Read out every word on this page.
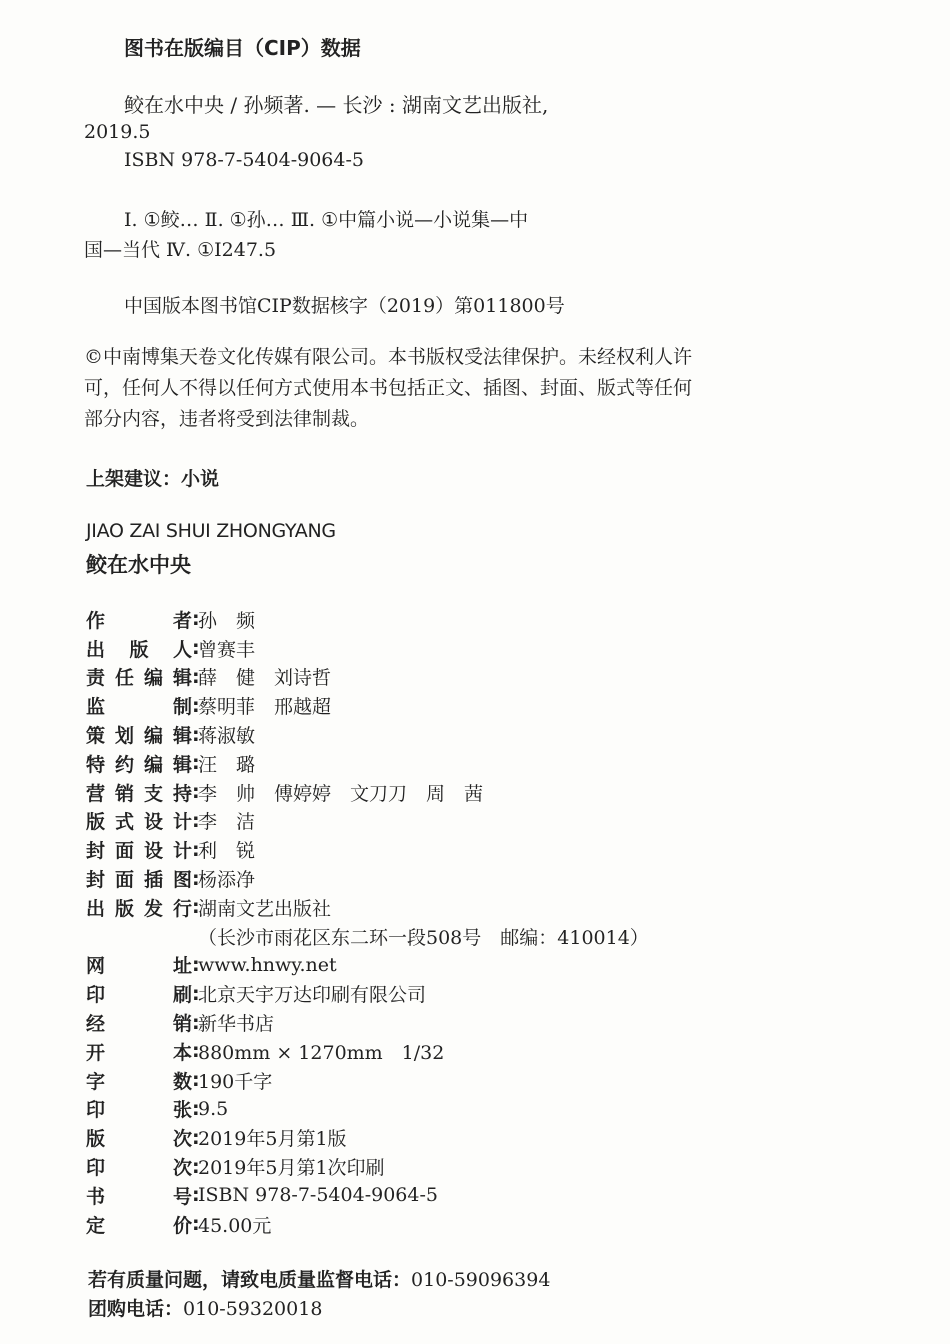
图书在版编目（CIP）数据
鲛在水中央 / 孙频著. — 长沙 : 湖南文艺出版社,
2019.5
ISBN 978-7-5404-9064-5
Ⅰ. ①鲛… Ⅱ. ①孙… Ⅲ. ①中篇小说—小说集—中
国—当代 Ⅳ. ①I247.5
中国版本图书馆CIP数据核字（2019）第011800号
©中南博集天卷文化传媒有限公司。本书版权受法律保护。未经权利人许
可，任何人不得以任何方式使用本书包括正文、插图、封面、版式等任何
部分内容，违者将受到法律制裁。
上架建议：小说
JIAO ZAI SHUI ZHONGYANG
鲛在水中央
作者 :
孙　频
出版人 :
曾赛丰
责任编辑 :
薛　健　刘诗哲
监制 :
蔡明菲　邢越超
策划编辑 :
蒋淑敏
特约编辑 :
汪　璐
营销支持 :
李　帅　傅婷婷　文刀刀　周　茜
版式设计 :
李　洁
封面设计 :
利　锐
封面插图 :
杨添净
出版发行 :
湖南文艺出版社
（长沙市雨花区东二环一段508号　邮编：410014）
网址 :
www.hnwy.net
印刷 :
北京天宇万达印刷有限公司
经销 :
新华书店
开本 :
880mm × 1270mm　1/32
字数 :
190千字
印张 :
9.5
版次 :
2019年5月第1版
印次 :
2019年5月第1次印刷
书号 :
ISBN 978-7-5404-9064-5
定价 :
45.00元
若有质量问题，请致电质量监督电话：010-59096394
团购电话：010-59320018
